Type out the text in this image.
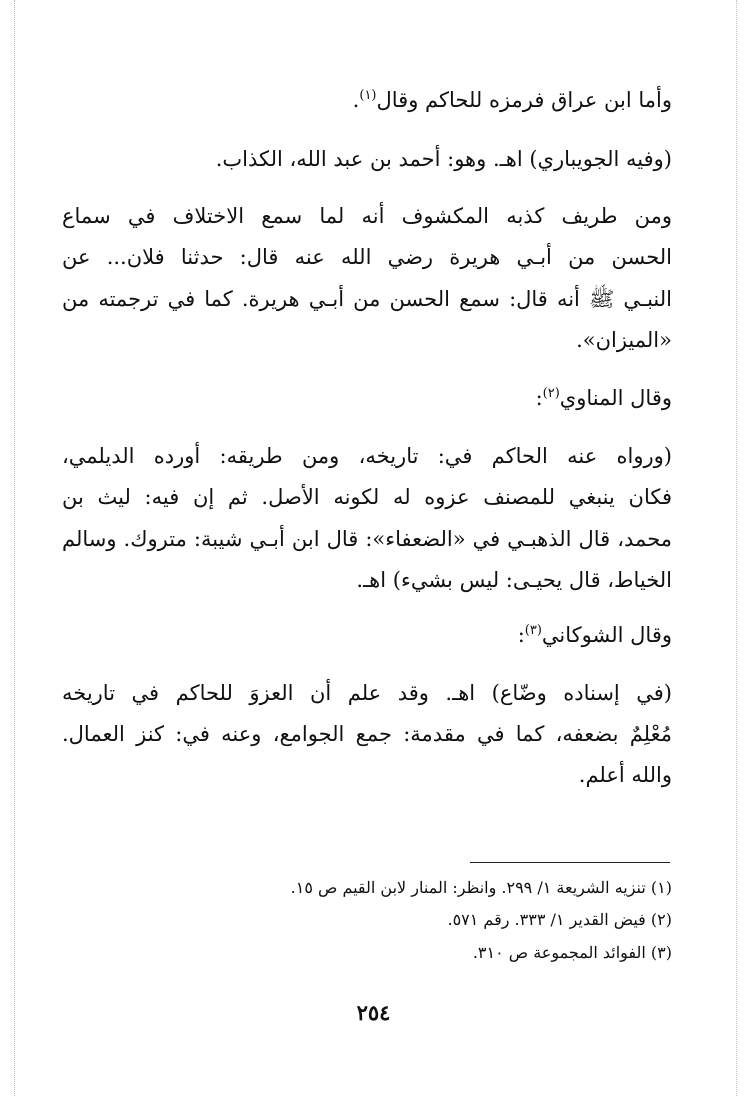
وأما ابن عراق فرمزه للحاكم وقال$^{(١)}$.

(وفيه الجويباري) اهـ. وهو: أحمد بن عبد الله، الكذاب.

ومن طريف كذبه المكشوف أنه لما سمع الاختلاف في سماع

الحسن من أبـي هريرة رضي الله عنه قال: حدثنا فلان... عن

النبـي ﷺ أنه قال: سمع الحسن من أبـي هريرة. كما في ترجمته من

«الميزان».

وقال المناوي$^{(٢)}$:

(ورواه عنه الحاكم في: تاريخه، ومن طريقه: أورده الديلمي،

فكان ينبغي للمصنف عزوه له لكونه الأصل. ثم إن فيه: ليث بن

محمد، قال الذهبـي في «الضعفاء»: قال ابن أبـي شيبة: متروك. وسالم

الخياط، قال يحيـى: ليس بشيء) اهـ.

وقال الشوكاني$^{(٣)}$:

(في إسناده وضّاع) اهـ. وقد علم أن العزوَ للحاكم في تاريخه

مُعْلِمٌ بضعفه، كما في مقدمة: جمع الجوامع، وعنه في: كنز العمال.

والله أعلم.

(١) تنزيه الشريعة ١/ ٢٩٩. وانظر: المنار لابن القيم ص ١٥.
(٢) فيض القدير ١/ ٣٣٣. رقم ٥٧١.
(٣) الفوائد المجموعة ص ٣١٠.
٢٥٤
